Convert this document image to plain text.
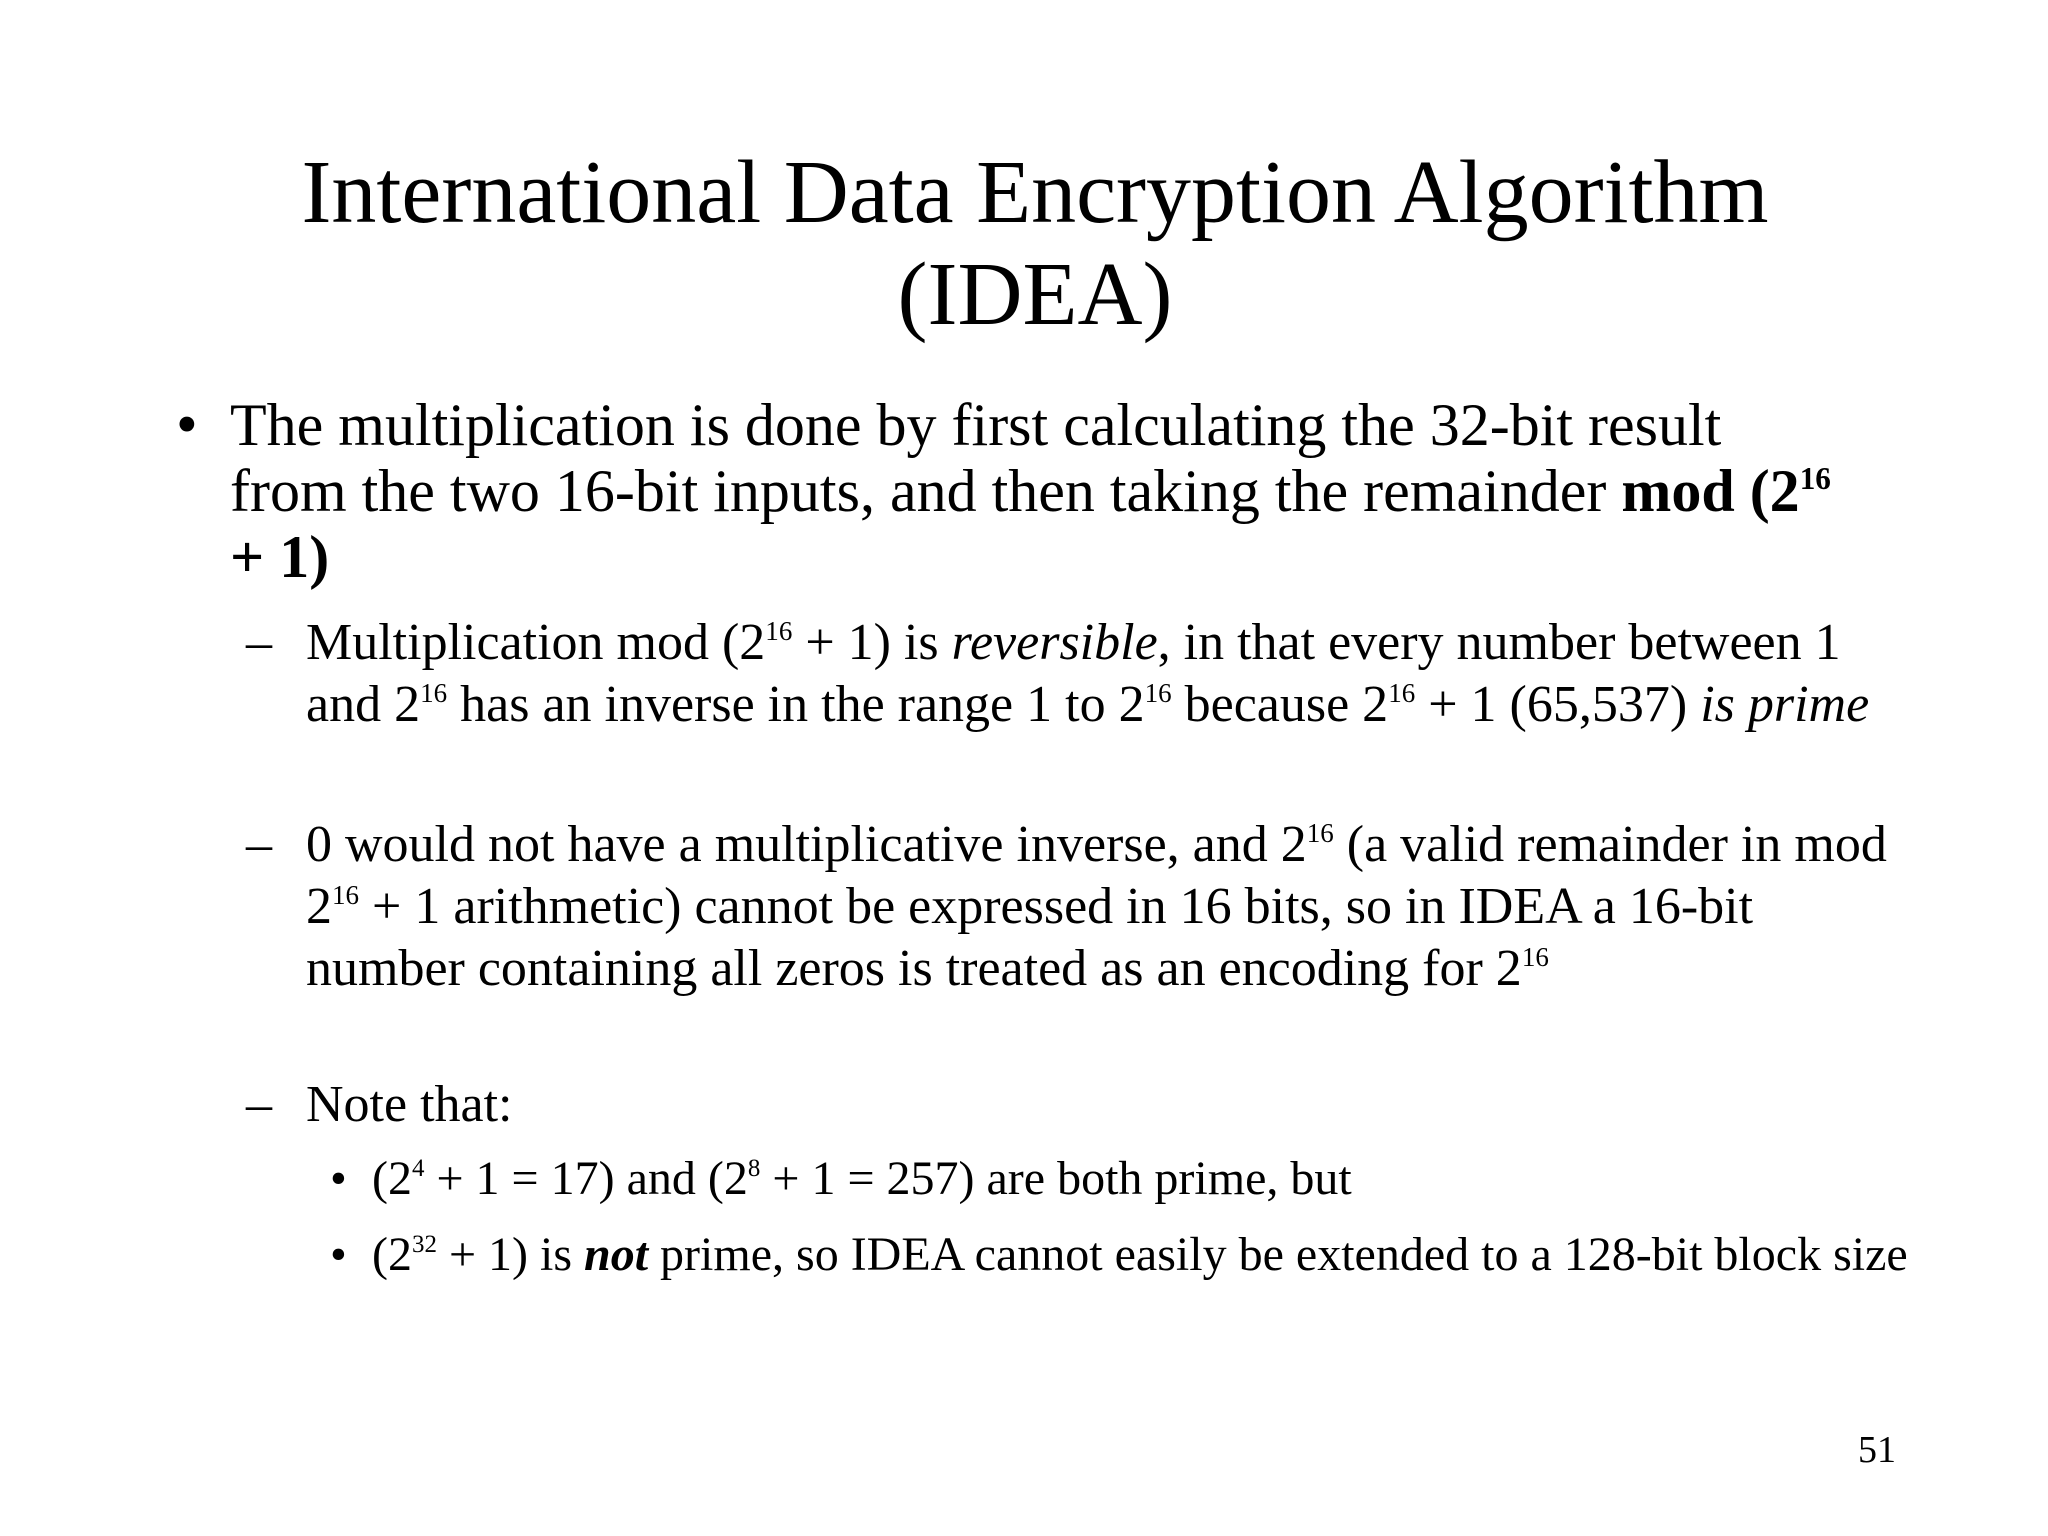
International Data Encryption Algorithm
(IDEA)
• The multiplication is done by first calculating the 32-bit result from the two 16-bit inputs, and then taking the remainder mod $(2^{16} + 1)$
– Multiplication mod $(2^{16} + 1)$ is reversible, in that every number between 1 and $2^{16}$ has an inverse in the range 1 to $2^{16}$ because $2^{16} + 1$ (65,537) is prime
– 0 would not have a multiplicative inverse, and $2^{16}$ (a valid remainder in mod $2^{16} + 1$ arithmetic) cannot be expressed in 16 bits, so in IDEA a 16-bit number containing all zeros is treated as an encoding for $2^{16}$
– Note that:
• $(2^4 + 1 = 17)$ and $(2^8 + 1 = 257)$ are both prime, but
• $(2^{32} + 1)$ is not prime, so IDEA cannot easily be extended to a 128-bit block size
51
